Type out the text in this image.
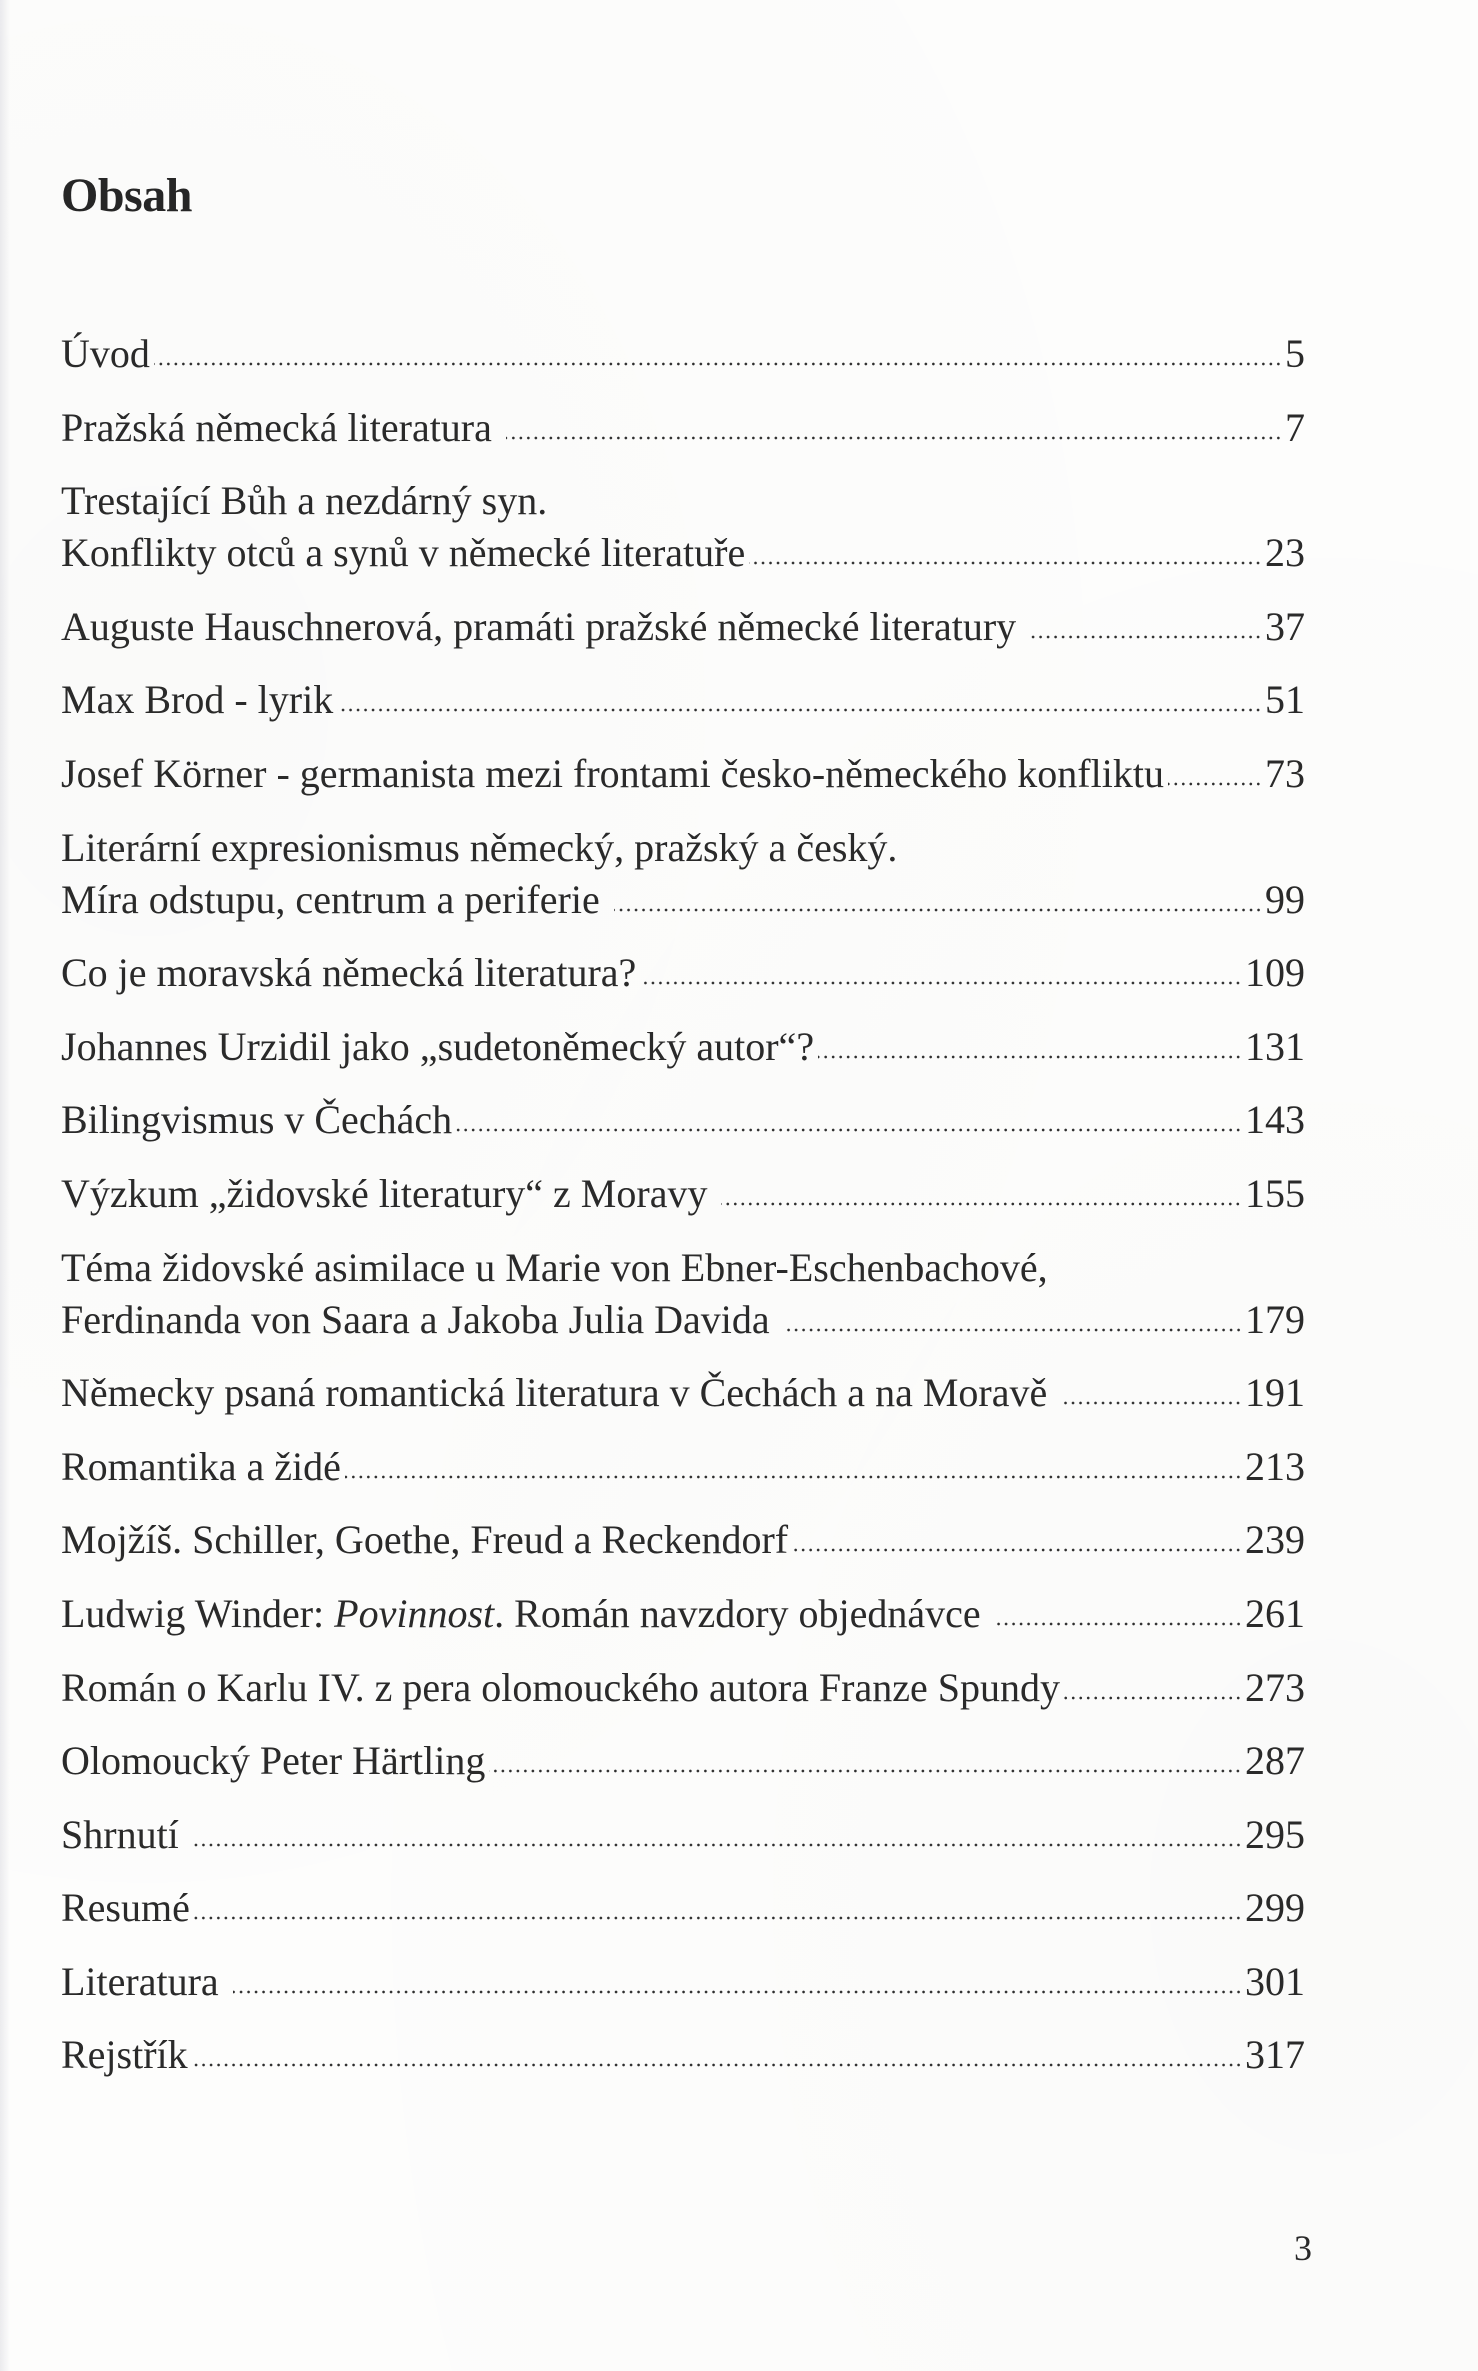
Obsah
Úvod	5
Pražská německá literatura	7
Trestající Bůh a nezdárný syn.
Konflikty otců a synů v německé literatuře	23
Auguste Hauschnerová, pramáti pražské německé literatury	37
Max Brod - lyrik	51
Josef Körner - germanista mezi frontami česko-německého konfliktu	73
Literární expresionismus německý, pražský a český.
Míra odstupu, centrum a periferie	99
Co je moravská německá literatura?	109
Johannes Urzidil jako „sudetoněmecký autor“?	131
Bilingvismus v Čechách	143
Výzkum „židovské literatury“ z Moravy	155
Téma židovské asimilace u Marie von Ebner-Eschenbachové,
Ferdinanda von Saara a Jakoba Julia Davida	179
Německy psaná romantická literatura v Čechách a na Moravě	191
Romantika a židé	213
Mojžíš. Schiller, Goethe, Freud a Reckendorf	239
Ludwig Winder: Povinnost. Román navzdory objednávce	261
Román o Karlu IV. z pera olomouckého autora Franze Spundy	273
Olomoucký Peter Härtling	287
Shrnutí	295
Resumé	299
Literatura	301
Rejstřík	317
3
